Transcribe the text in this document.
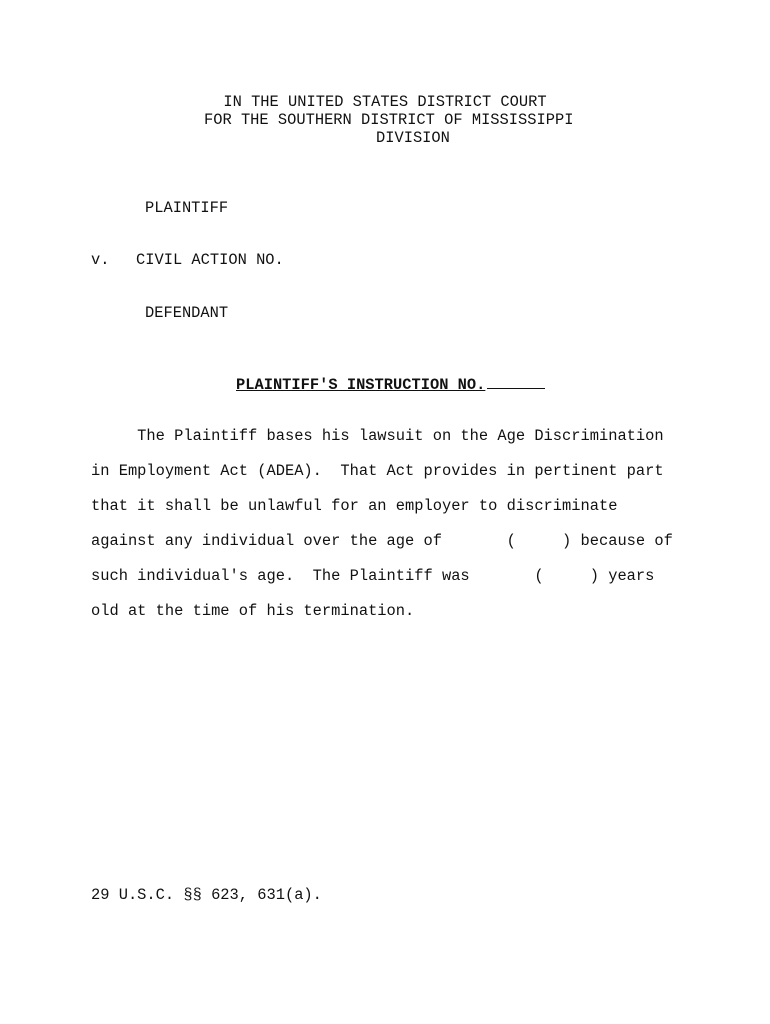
IN THE UNITED STATES DISTRICT COURT

FOR THE SOUTHERN DISTRICT OF MISSISSIPPI

DIVISION

PLAINTIFF

v. CIVIL ACTION NO.

DEFENDANT

PLAINTIFF'S INSTRUCTION NO.

The Plaintiff bases his lawsuit on the Age Discrimination

in Employment Act (ADEA).  That Act provides in pertinent part

that it shall be unlawful for an employer to discriminate

against any individual over the age of       (     ) because of

such individual's age.  The Plaintiff was       (     ) years

old at the time of his termination.

29 U.S.C. §§ 623, 631(a).
